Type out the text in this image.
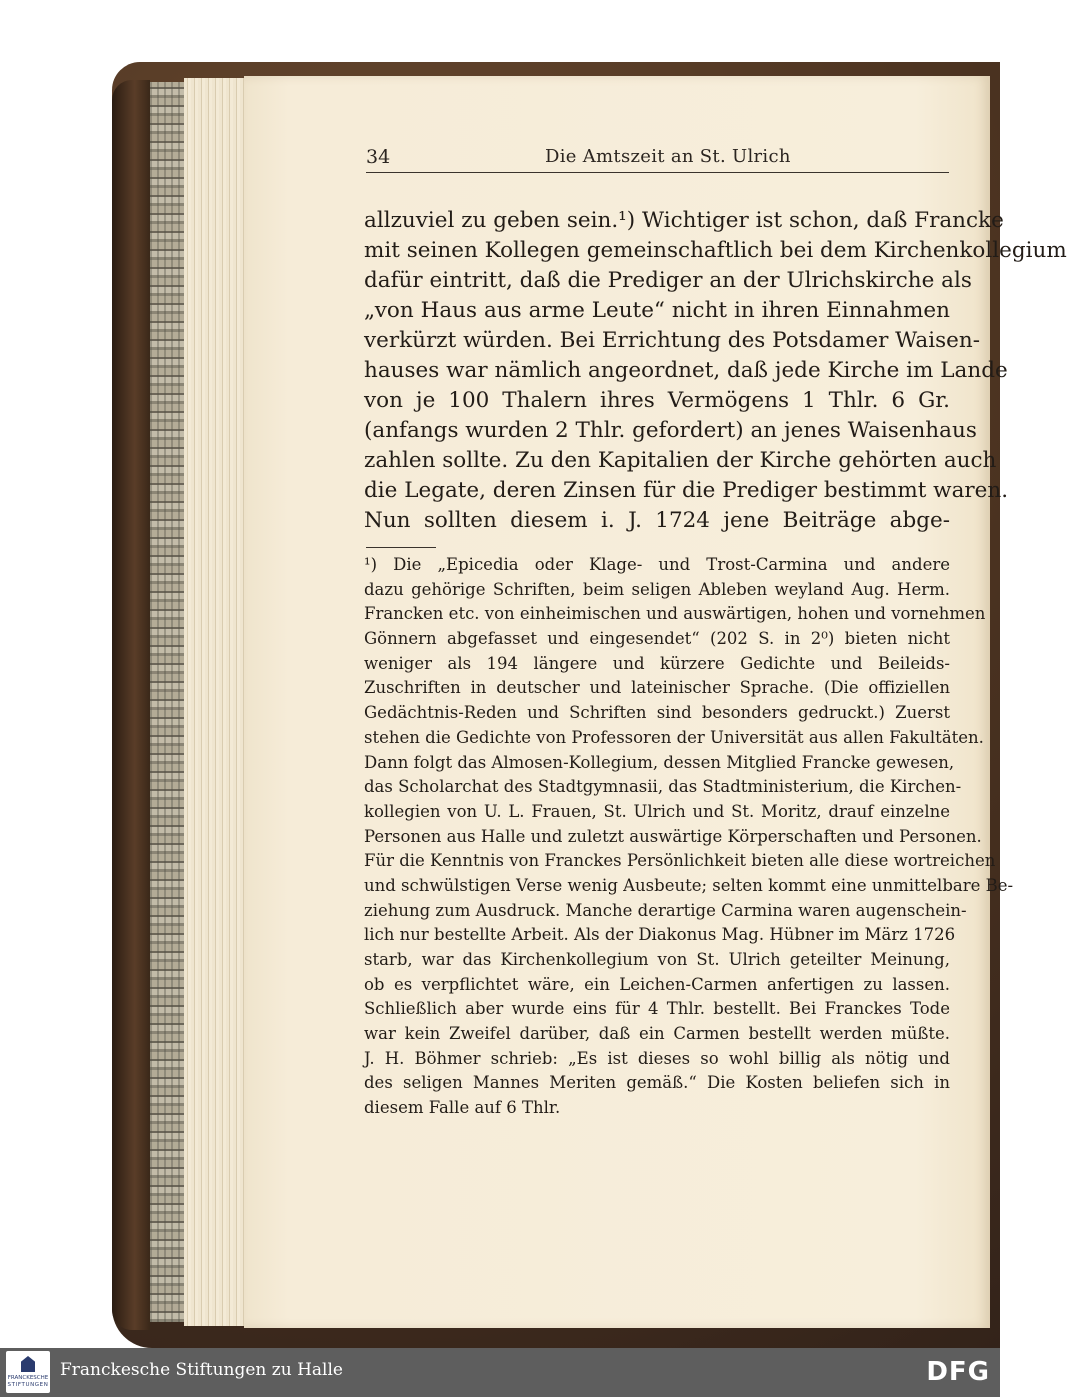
34	Die Amtszeit an St. Ulrich
allzuviel zu geben sein.¹) Wichtiger ist schon, daß Francke
mit seinen Kollegen gemeinschaftlich bei dem Kirchenkollegium
dafür eintritt, daß die Prediger an der Ulrichskirche als
„von Haus aus arme Leute“ nicht in ihren Einnahmen
verkürzt würden. Bei Errichtung des Potsdamer Waisen-
hauses war nämlich angeordnet, daß jede Kirche im Lande
von je 100 Thalern ihres Vermögens 1 Thlr. 6 Gr.
(anfangs wurden 2 Thlr. gefordert) an jenes Waisenhaus
zahlen sollte. Zu den Kapitalien der Kirche gehörten auch
die Legate, deren Zinsen für die Prediger bestimmt waren.
Nun sollten diesem i. J. 1724 jene Beiträge abge-
¹) Die „Epicedia oder Klage- und Trost-Carmina und andere
dazu gehörige Schriften, beim seligen Ableben weyland Aug. Herm.
Francken etc. von einheimischen und auswärtigen, hohen und vornehmen
Gönnern abgefasset und eingesendet“ (202 S. in 2⁰) bieten nicht
weniger als 194 längere und kürzere Gedichte und Beileids-
Zuschriften in deutscher und lateinischer Sprache. (Die offiziellen
Gedächtnis-Reden und Schriften sind besonders gedruckt.) Zuerst
stehen die Gedichte von Professoren der Universität aus allen Fakultäten.
Dann folgt das Almosen-Kollegium, dessen Mitglied Francke gewesen,
das Scholarchat des Stadtgymnasii, das Stadtministerium, die Kirchen-
kollegien von U. L. Frauen, St. Ulrich und St. Moritz, drauf einzelne
Personen aus Halle und zuletzt auswärtige Körperschaften und Personen.
Für die Kenntnis von Franckes Persönlichkeit bieten alle diese wortreichen
und schwülstigen Verse wenig Ausbeute; selten kommt eine unmittelbare Be-
ziehung zum Ausdruck. Manche derartige Carmina waren augenschein-
lich nur bestellte Arbeit. Als der Diakonus Mag. Hübner im März 1726
starb, war das Kirchenkollegium von St. Ulrich geteilter Meinung,
ob es verpflichtet wäre, ein Leichen-Carmen anfertigen zu lassen.
Schließlich aber wurde eins für 4 Thlr. bestellt. Bei Franckes Tode
war kein Zweifel darüber, daß ein Carmen bestellt werden müßte.
J. H. Böhmer schrieb: „Es ist dieses so wohl billig als nötig und
des seligen Mannes Meriten gemäß.“ Die Kosten beliefen sich in
diesem Falle auf 6 Thlr.
FRANCKESCHE
STIFTUNGEN
Franckesche Stiftungen zu Halle	DFG
